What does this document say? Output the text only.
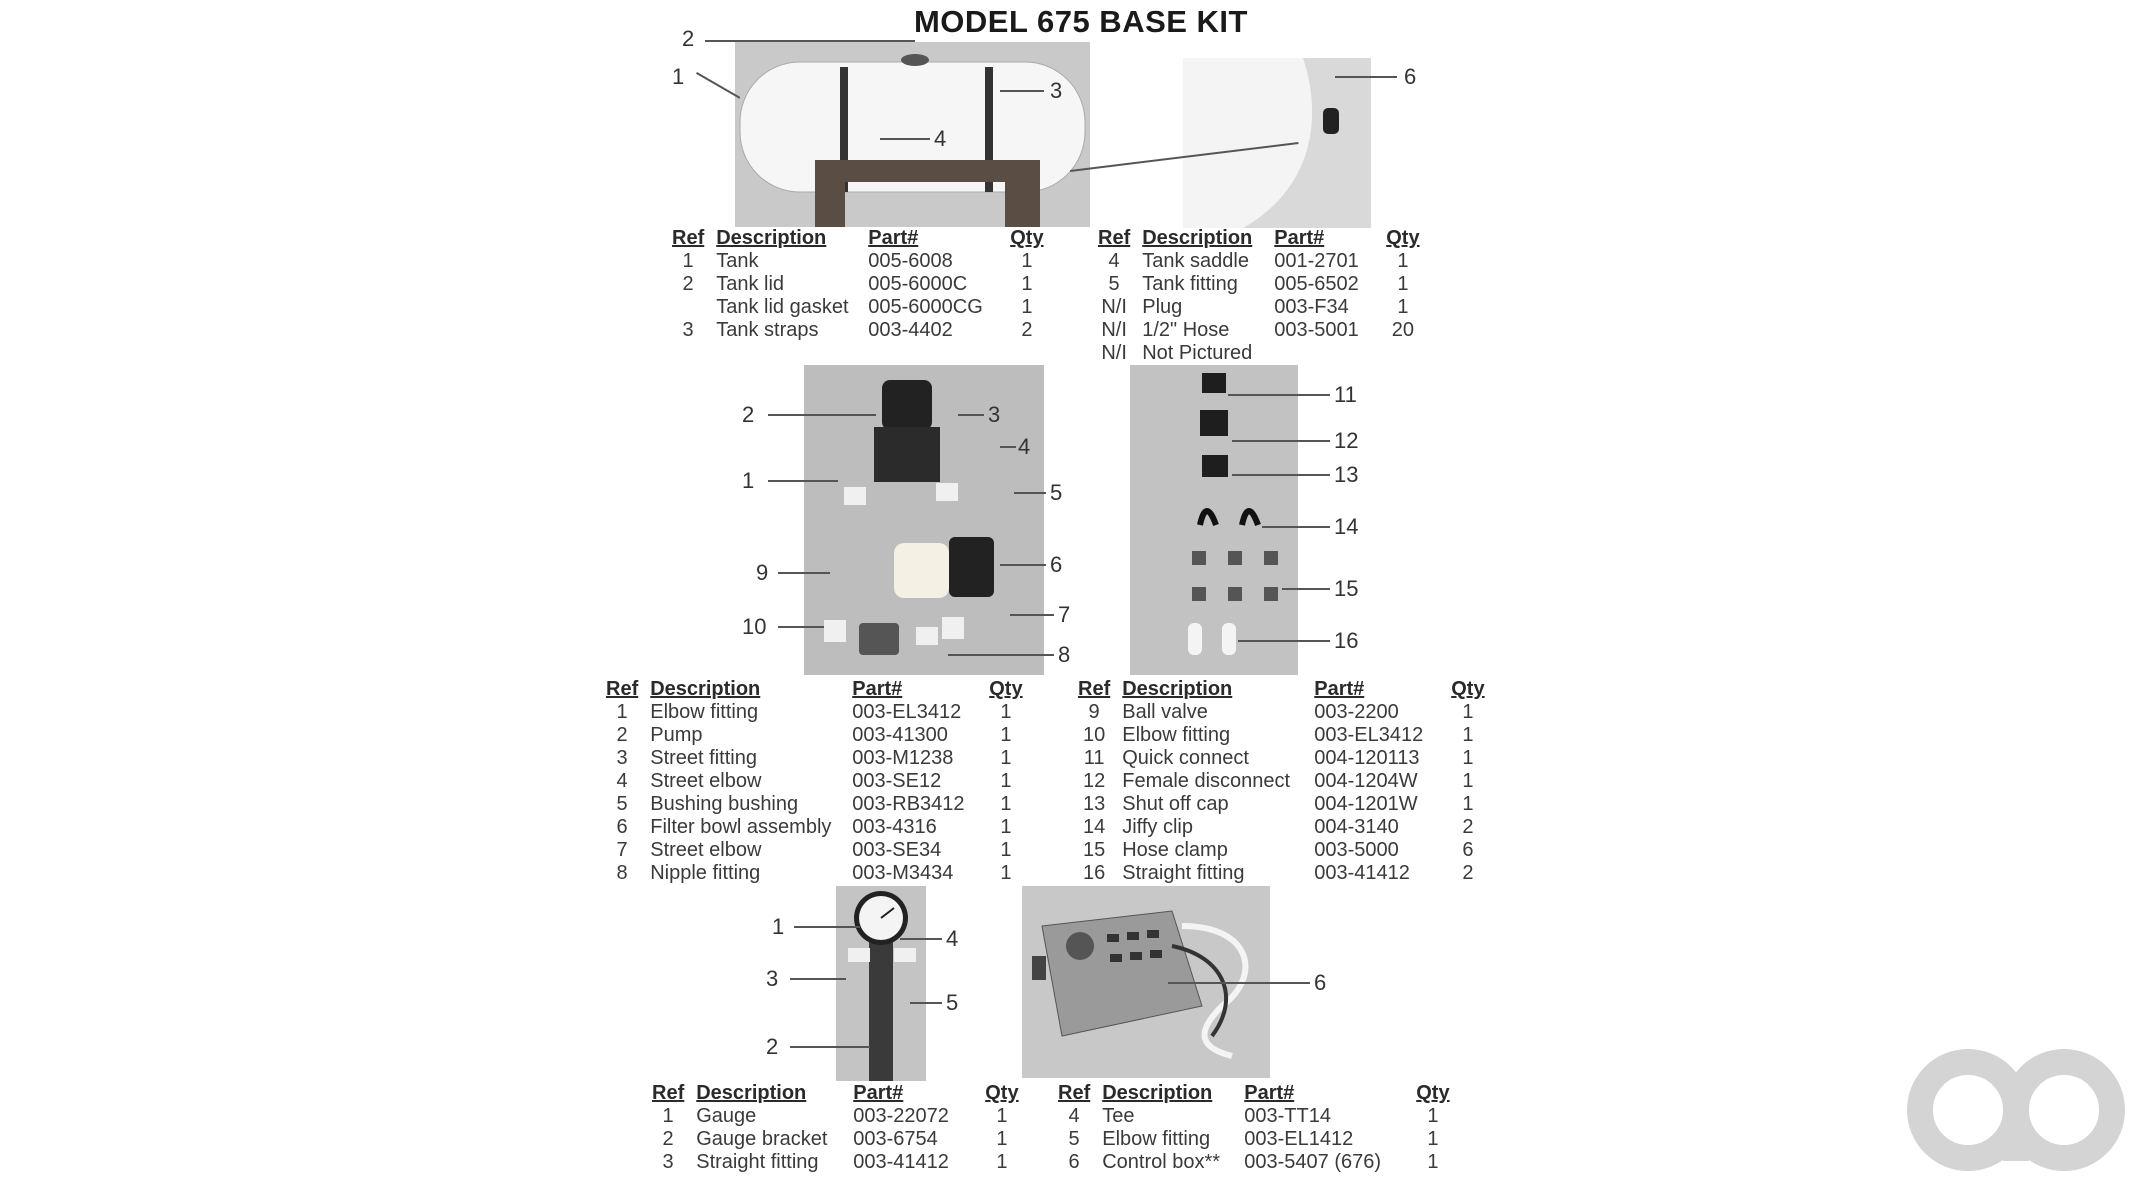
MODEL 675 BASE KIT
2
1
3
4
6
Ref	Description	Part#	Qty
1	Tank	005-6008	1
2	Tank lid	005-6000C	1
	Tank lid gasket	005-6000CG	1
3	Tank straps	003-4402	2
Ref	Description	Part#	Qty
4	Tank saddle	001-2701	1
5	Tank fitting	005-6502	1
N/I	Plug	003-F34	1
N/I	1/2" Hose	003-5001	20
N/I	Not Pictured		
2	3
4
1	5
6
9
7
10
8
11
12
13
14
15
16
Ref	Description	Part#	Qty
1	Elbow fitting	003-EL3412	1
2	Pump	003-41300	1
3	Street fitting	003-M1238	1
4	Street elbow	003-SE12	1
5	Bushing bushing	003-RB3412	1
6	Filter bowl assembly	003-4316	1
7	Street elbow	003-SE34	1
8	Nipple fitting	003-M3434	1
Ref	Description	Part#	Qty
9	Ball valve	003-2200	1
10	Elbow fitting	003-EL3412	1
11	Quick connect	004-120113	1
12	Female disconnect	004-1204W	1
13	Shut off cap	004-1201W	1
14	Jiffy clip	004-3140	2
15	Hose clamp	003-5000	6
16	Straight fitting	003-41412	2
1	4
3
5
2
6
Ref	Description	Part#	Qty
1	Gauge	003-22072	1
2	Gauge bracket	003-6754	1
3	Straight fitting	003-41412	1
Ref	Description	Part#	Qty
4	Tee	003-TT14	1
5	Elbow fitting	003-EL1412	1
6	Control box**	003-5407 (676)	1
